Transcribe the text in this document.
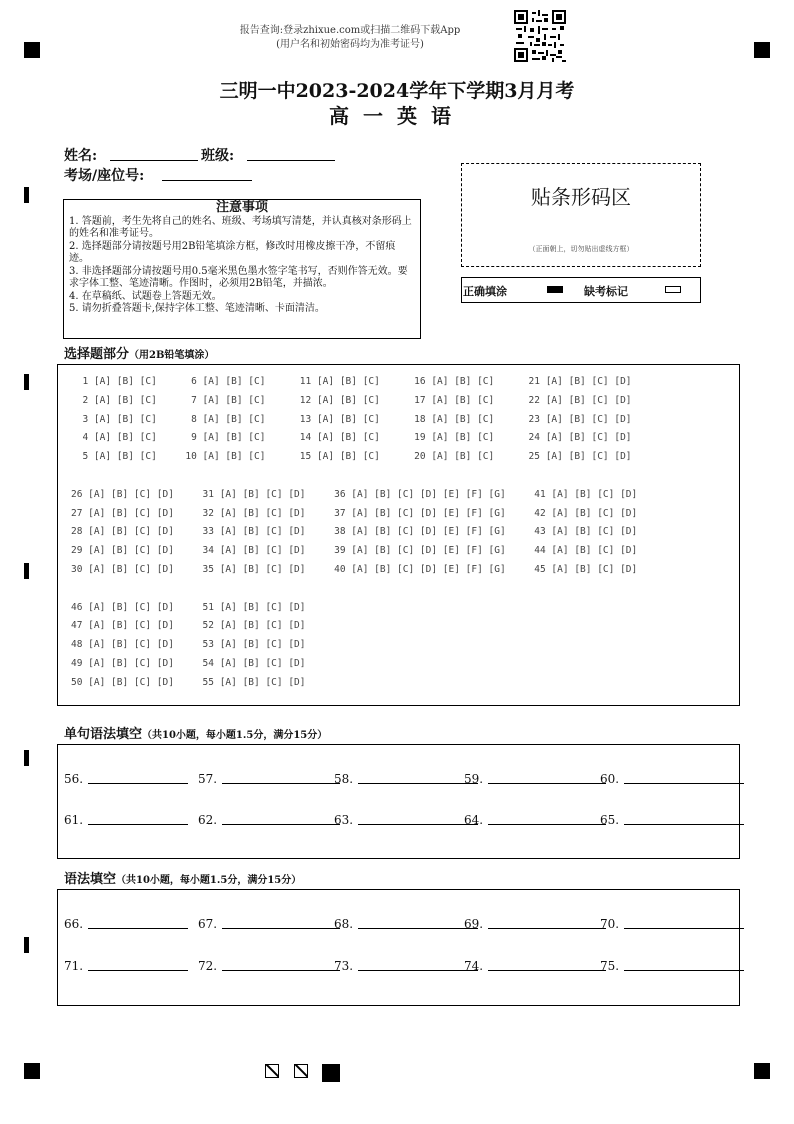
报告查询:登录zhixue.com或扫描二维码下载App
(用户名和初始密码均为准考证号)
三明一中2023-2024学年下学期3月月考
高一英语
姓名:	班级:
考场/座位号:
注意事项

1. 答题前，考生先将自己的姓名、班级、考场填写清楚，并认真核对条形码上的姓名和准考证号。

2. 选择题部分请按题号用2B铅笔填涂方框，修改时用橡皮擦干净，不留痕迹。

3. 非选择题部分请按题号用0.5毫米黑色墨水签字笔书写，否则作答无效。要求字体工整、笔迹清晰。作图时，必须用2B铅笔，并描浓。

4. 在草稿纸、试题卷上答题无效。

5. 请勿折叠答题卡,保持字体工整、笔迹清晰、卡面清洁。

贴条形码区
（正面朝上，切勿贴出虚线方框）
正确填涂	缺考标记
选择题部分（用2B铅笔填涂）
1 [A] [B] [C]      6 [A] [B] [C]      11 [A] [B] [C]      16 [A] [B] [C]      21 [A] [B] [C] [D]
2 [A] [B] [C]      7 [A] [B] [C]      12 [A] [B] [C]      17 [A] [B] [C]      22 [A] [B] [C] [D]
3 [A] [B] [C]      8 [A] [B] [C]      13 [A] [B] [C]      18 [A] [B] [C]      23 [A] [B] [C] [D]
4 [A] [B] [C]      9 [A] [B] [C]      14 [A] [B] [C]      19 [A] [B] [C]      24 [A] [B] [C] [D]
5 [A] [B] [C]     10 [A] [B] [C]      15 [A] [B] [C]      20 [A] [B] [C]      25 [A] [B] [C] [D]
26 [A] [B] [C] [D]     31 [A] [B] [C] [D]     36 [A] [B] [C] [D] [E] [F] [G]     41 [A] [B] [C] [D]
27 [A] [B] [C] [D]     32 [A] [B] [C] [D]     37 [A] [B] [C] [D] [E] [F] [G]     42 [A] [B] [C] [D]
28 [A] [B] [C] [D]     33 [A] [B] [C] [D]     38 [A] [B] [C] [D] [E] [F] [G]     43 [A] [B] [C] [D]
29 [A] [B] [C] [D]     34 [A] [B] [C] [D]     39 [A] [B] [C] [D] [E] [F] [G]     44 [A] [B] [C] [D]
30 [A] [B] [C] [D]     35 [A] [B] [C] [D]     40 [A] [B] [C] [D] [E] [F] [G]     45 [A] [B] [C] [D]
46 [A] [B] [C] [D]     51 [A] [B] [C] [D]
47 [A] [B] [C] [D]     52 [A] [B] [C] [D]
48 [A] [B] [C] [D]     53 [A] [B] [C] [D]
49 [A] [B] [C] [D]     54 [A] [B] [C] [D]
50 [A] [B] [C] [D]     55 [A] [B] [C] [D]
单句语法填空（共10小题，每小题1.5分，满分15分）
语法填空（共10小题，每小题1.5分，满分15分）
56.	57.	58.	59.	60.
61.	62.	63.	64.	65.
66.	67.	68.	69.	70.
71.	72.	73.	74.	75.
